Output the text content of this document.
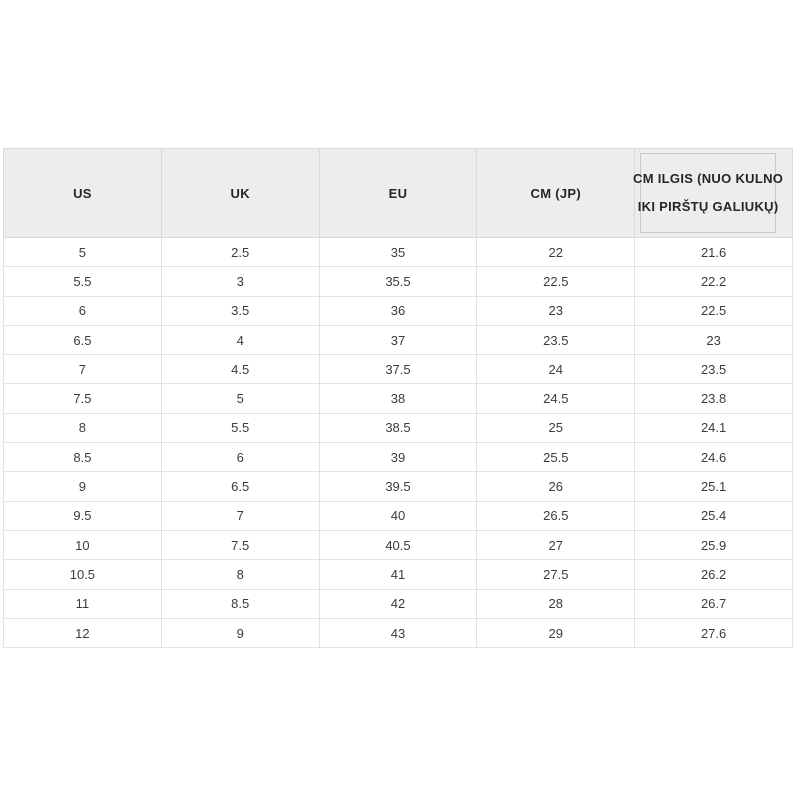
US	UK	EU	CM (JP)	CM ILGIS (NUO KULNO
IKI PIRŠTŲ GALIUKŲ)

5	2.5	35	22	21.6
5.5	3	35.5	22.5	22.2
6	3.5	36	23	22.5
6.5	4	37	23.5	23
7	4.5	37.5	24	23.5
7.5	5	38	24.5	23.8
8	5.5	38.5	25	24.1
8.5	6	39	25.5	24.6
9	6.5	39.5	26	25.1
9.5	7	40	26.5	25.4
10	7.5	40.5	27	25.9
10.5	8	41	27.5	26.2
11	8.5	42	28	26.7
12	9	43	29	27.6
